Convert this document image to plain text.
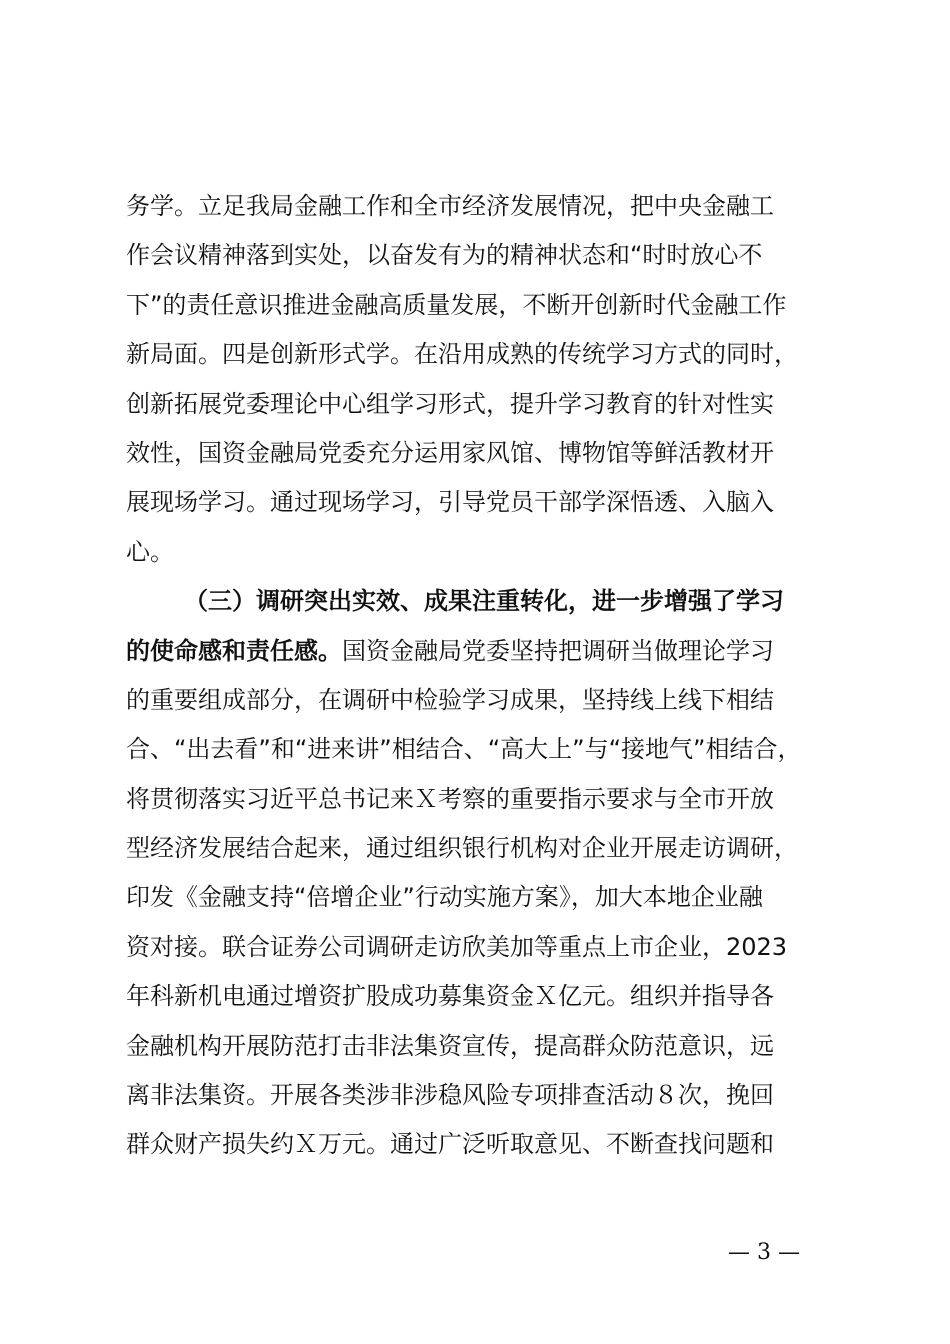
务学。立足我局金融工作和全市经济发展情况，把中央金融工
作会议精神落到实处，以奋发有为的精神状态和“时时放心不
下”的责任意识推进金融高质量发展，不断开创新时代金融工作
新局面。四是创新形式学。在沿用成熟的传统学习方式的同时，
创新拓展党委理论中心组学习形式，提升学习教育的针对性实
效性，国资金融局党委充分运用家风馆、博物馆等鲜活教材开
展现场学习。通过现场学习，引导党员干部学深悟透、入脑入
心。
（三）调研突出实效、成果注重转化，进一步增强了学习
的使命感和责任感。国资金融局党委坚持把调研当做理论学习
的重要组成部分，在调研中检验学习成果，坚持线上线下相结
合、“出去看”和“进来讲”相结合、“高大上”与“接地气”相结合，
将贯彻落实习近平总书记来Ｘ考察的重要指示要求与全市开放
型经济发展结合起来，通过组织银行机构对企业开展走访调研，
印发《金融支持“倍增企业”行动实施方案》，加大本地企业融
资对接。联合证券公司调研走访欣美加等重点上市企业，2023
年科新机电通过增资扩股成功募集资金Ｘ亿元。组织并指导各
金融机构开展防范打击非法集资宣传，提高群众防范意识，远
离非法集资。开展各类涉非涉稳风险专项排查活动８次，挽回
群众财产损失约Ｘ万元。通过广泛听取意见、不断查找问题和
— 3 —
